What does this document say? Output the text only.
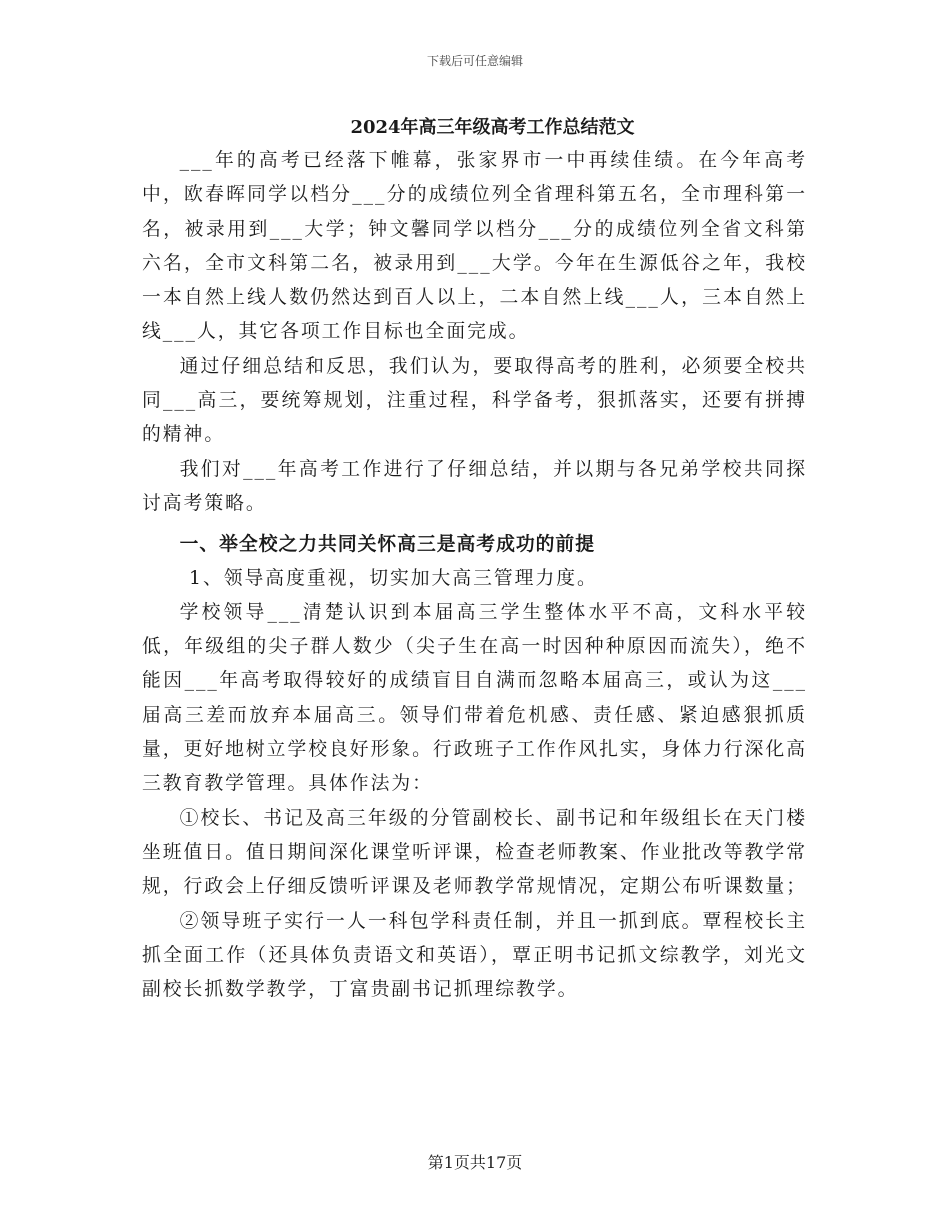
下载后可任意编辑
2024年高三年级高考工作总结范文

___年的高考已经落下帷幕，张家界市一中再续佳绩。在今年高考中，欧春晖同学以档分___分的成绩位列全省理科第五名，全市理科第一名，被录用到___大学；钟文馨同学以档分___分的成绩位列全省文科第六名，全市文科第二名，被录用到___大学。今年在生源低谷之年，我校一本自然上线人数仍然达到百人以上，二本自然上线___人，三本自然上线___人，其它各项工作目标也全面完成。

通过仔细总结和反思，我们认为，要取得高考的胜利，必须要全校共同___高三，要统筹规划，注重过程，科学备考，狠抓落实，还要有拼搏的精神。

我们对___年高考工作进行了仔细总结，并以期与各兄弟学校共同探讨高考策略。

一、举全校之力共同关怀高三是高考成功的前提

1、领导高度重视，切实加大高三管理力度。

学校领导___清楚认识到本届高三学生整体水平不高，文科水平较低，年级组的尖子群人数少（尖子生在高一时因种种原因而流失），绝不能因___年高考取得较好的成绩盲目自满而忽略本届高三，或认为这___届高三差而放弃本届高三。领导们带着危机感、责任感、紧迫感狠抓质量，更好地树立学校良好形象。行政班子工作作风扎实，身体力行深化高三教育教学管理。具体作法为：

①校长、书记及高三年级的分管副校长、副书记和年级组长在天门楼坐班值日。值日期间深化课堂听评课，检查老师教案、作业批改等教学常规，行政会上仔细反馈听评课及老师教学常规情况，定期公布听课数量；

②领导班子实行一人一科包学科责任制，并且一抓到底。覃程校长主抓全面工作（还具体负责语文和英语），覃正明书记抓文综教学，刘光文副校长抓数学教学，丁富贵副书记抓理综教学。

第1页共17页
